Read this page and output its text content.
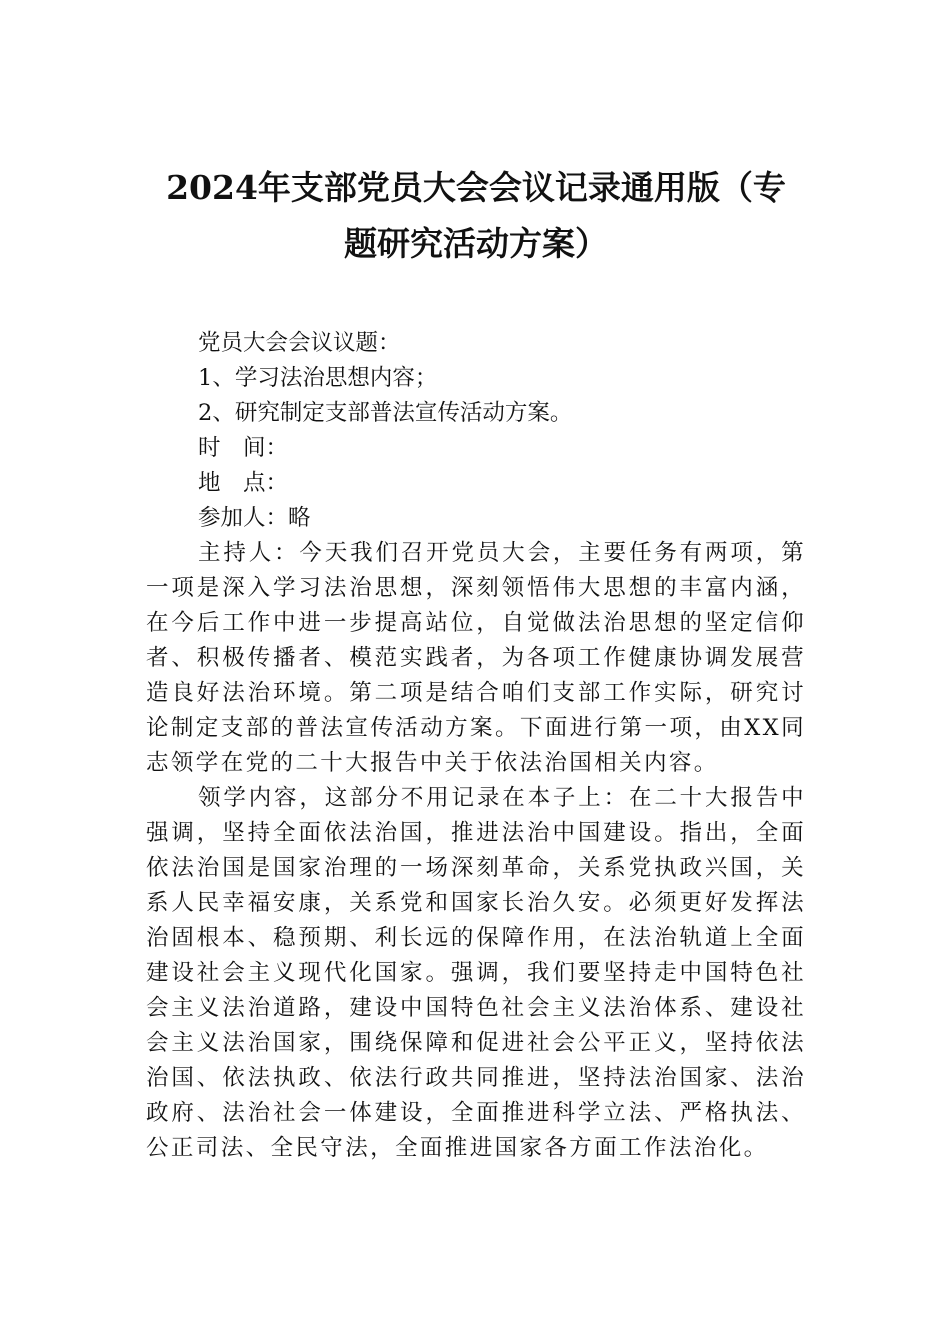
2024年支部党员大会会议记录通用版（专
题研究活动方案）

党员大会会议议题：

1、学习法治思想内容；

2、研究制定支部普法宣传活动方案。

时　间：

地　点：

参加人：略

主持人：今天我们召开党员大会，主要任务有两项，第一项是深入学习法治思想，深刻领悟伟大思想的丰富内涵，在今后工作中进一步提高站位，自觉做法治思想的坚定信仰者、积极传播者、模范实践者，为各项工作健康协调发展营造良好法治环境。第二项是结合咱们支部工作实际，研究讨论制定支部的普法宣传活动方案。下面进行第一项，由XX同志领学在党的二十大报告中关于依法治国相关内容。

领学内容，这部分不用记录在本子上：在二十大报告中强调，坚持全面依法治国，推进法治中国建设。指出，全面依法治国是国家治理的一场深刻革命，关系党执政兴国，关系人民幸福安康，关系党和国家长治久安。必须更好发挥法治固根本、稳预期、利长远的保障作用，在法治轨道上全面建设社会主义现代化国家。强调，我们要坚持走中国特色社会主义法治道路，建设中国特色社会主义法治体系、建设社会主义法治国家，围绕保障和促进社会公平正义，坚持依法治国、依法执政、依法行政共同推进，坚持法治国家、法治政府、法治社会一体建设，全面推进科学立法、严格执法、公正司法、全民守法，全面推进国家各方面工作法治化。
